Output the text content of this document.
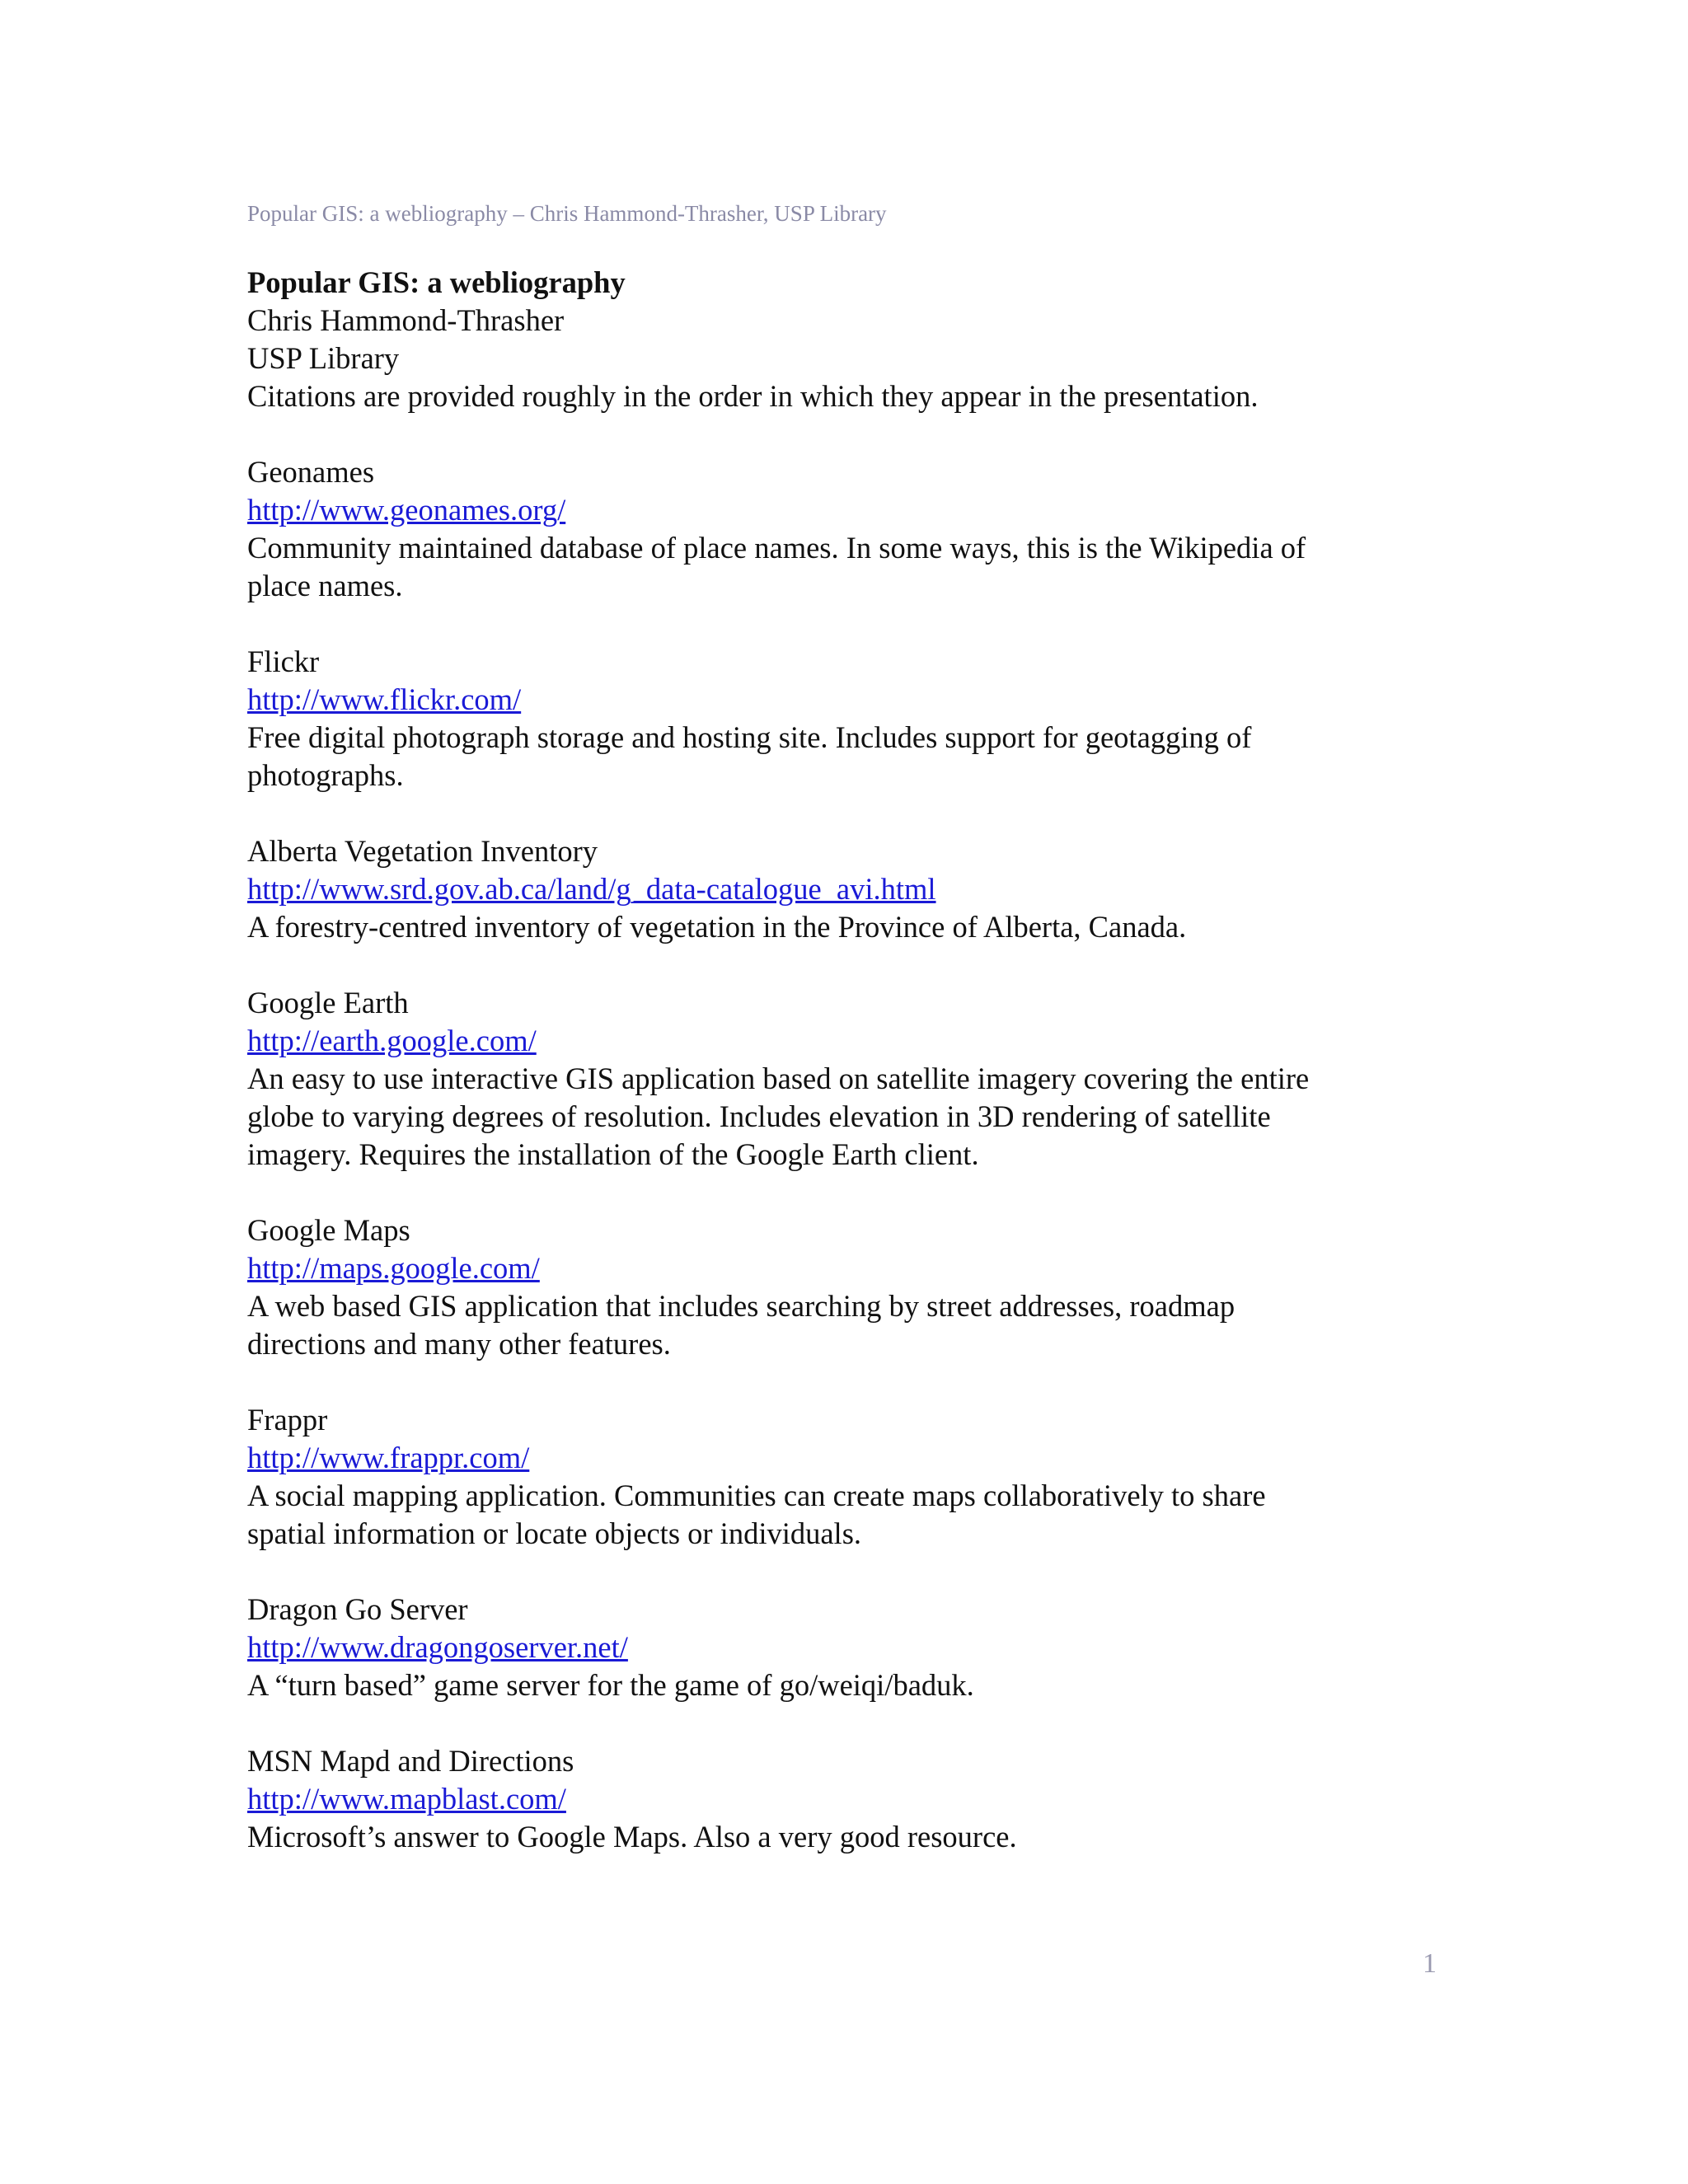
Popular GIS: a webliography – Chris Hammond-Thrasher, USP Library

Popular GIS: a webliography

Chris Hammond-Thrasher

USP Library

Citations are provided roughly in the order in which they appear in the presentation.

Geonames

http://www.geonames.org/

Community maintained database of place names. In some ways, this is the Wikipedia of
place names.

Flickr

http://www.flickr.com/

Free digital photograph storage and hosting site. Includes support for geotagging of
photographs.

Alberta Vegetation Inventory

http://www.srd.gov.ab.ca/land/g_data-catalogue_avi.html

A forestry-centred inventory of vegetation in the Province of Alberta, Canada.

Google Earth

http://earth.google.com/

An easy to use interactive GIS application based on satellite imagery covering the entire
globe to varying degrees of resolution. Includes elevation in 3D rendering of satellite
imagery. Requires the installation of the Google Earth client.

Google Maps

http://maps.google.com/

A web based GIS application that includes searching by street addresses, roadmap
directions and many other features.

Frappr

http://www.frappr.com/

A social mapping application. Communities can create maps collaboratively to share
spatial information or locate objects or individuals.

Dragon Go Server

http://www.dragongoserver.net/

A “turn based” game server for the game of go/weiqi/baduk.

MSN Mapd and Directions

http://www.mapblast.com/

Microsoft’s answer to Google Maps. Also a very good resource.

1
